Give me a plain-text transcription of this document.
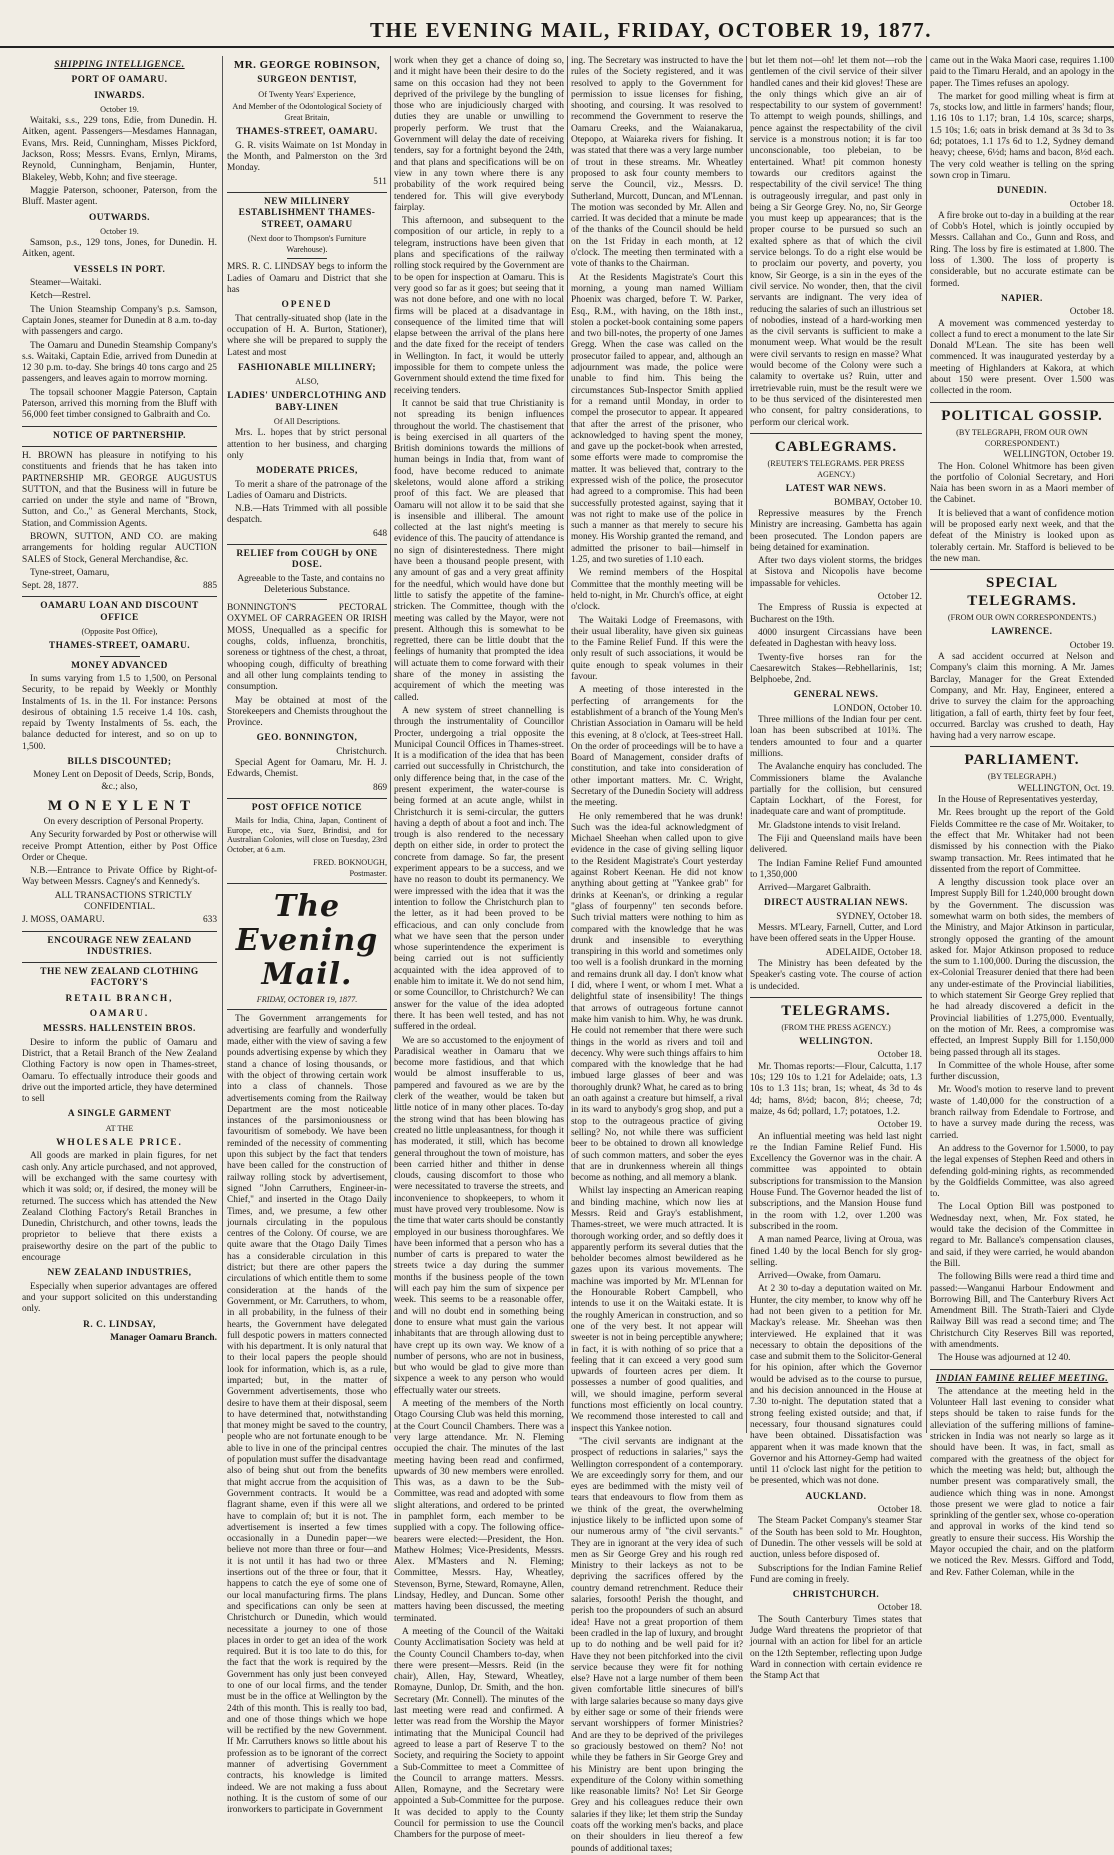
THE EVENING MAIL, FRIDAY, OCTOBER 19, 1877.
SHIPPING INTELLIGENCE.
PORT OF OAMARU.
INWARDS.
October 19.

Waitaki, s.s., 229 tons, Edie, from Dunedin. H. Aitken, agent. Passengers—Mesdames Hannagan, Evans, Mrs. Reid, Cunningham, Misses Pickford, Jackson, Ross; Messrs. Evans, Ernlyn, Mirams, Reynold, Cunningham, Benjamin, Hunter, Blakeley, Webb, Kohn; and five steerage.

Maggie Paterson, schooner, Paterson, from the Bluff. Master agent.

OUTWARDS.
October 19.

Samson, p.s., 129 tons, Jones, for Dunedin. H. Aitken, agent.

VESSELS IN PORT.

Steamer—Waitaki.

Ketch—Restrel.

The Union Steamship Company's p.s. Samson, Captain Jones, steamer for Dunedin at 8 a.m. to-day with passengers and cargo.

The Oamaru and Dunedin Steamship Company's s.s. Waitaki, Captain Edie, arrived from Dunedin at 12 30 p.m. to-day. She brings 40 tons cargo and 25 passengers, and leaves again to morrow morning.

The topsail schooner Maggie Paterson, Captain Paterson, arrived this morning from the Bluff with 56,000 feet timber consigned to Galbraith and Co.

NOTICE OF PARTNERSHIP.

H. BROWN has pleasure in notifying to his constituents and friends that he has taken into PARTNERSHIP MR. GEORGE AUGUSTUS SUTTON, and that the Business will in future be carried on under the style and name of "Brown, Sutton, and Co.," as General Merchants, Stock, Station, and Commission Agents.

BROWN, SUTTON, AND CO. are making arrangements for holding regular AUCTION SALES of Stock, General Merchandise, &c.

Tyne-street, Oamaru,

Sept. 28, 1877.	885
OAMARU LOAN AND DISCOUNT OFFICE
(Opposite Post Office),
THAMES-STREET, OAMARU.
MONEY ADVANCED

In sums varying from 1.5 to 1,500, on Personal Security, to be repaid by Weekly or Monthly Instalments of 1s. in the 1l. For instance: Persons desirous of obtaining 1.5 receive 1.4 10s. cash, repaid by Twenty Instalments of 5s. each, the balance deducted for interest, and so on up to 1,500.

BILLS DISCOUNTED;

Money Lent on Deposit of Deeds, Scrip, Bonds, &c.; also,

M O N E Y L E N T

On every description of Personal Property.

Any Security forwarded by Post or otherwise will receive Prompt Attention, either by Post Office Order or Cheque.

N.B.—Entrance to Private Office by Right-of-Way between Messrs. Cagney's and Kennedy's.

ALL TRANSACTIONS STRICTLY CONFIDENTIAL.

J. MOSS, OAMARU.	633
ENCOURAGE NEW ZEALAND INDUSTRIES.
THE NEW ZEALAND CLOTHING FACTORY'S
RETAIL BRANCH,
OAMARU.
MESSRS. HALLENSTEIN BROS.

Desire to inform the public of Oamaru and District, that a Retail Branch of the New Zealand Clothing Factory is now open in Thames-street, Oamaru. To effectually introduce their goods and drive out the imported article, they have determined to sell

A SINGLE GARMENT
AT THE
WHOLESALE PRICE.

All goods are marked in plain figures, for net cash only. Any article purchased, and not approved, will be exchanged with the same courtesy with which it was sold; or, if desired, the money will be returned. The success which has attended the New Zealand Clothing Factory's Retail Branches in Dunedin, Christchurch, and other towns, leads the proprietor to believe that there exists a praiseworthy desire on the part of the public to encourage

NEW ZEALAND INDUSTRIES,

Especially when superior advantages are offered and your support solicited on this understanding only.

R. C. LINDSAY,
Manager Oamaru Branch.
MR. GEORGE ROBINSON,
SURGEON DENTIST,
Of Twenty Years' Experience,
And Member of the Odontological Society of Great Britain,
THAMES-STREET, OAMARU.

G. R. visits Waimate on 1st Monday in the Month, and Palmerston on the 3rd Monday.

511
NEW MILLINERY ESTABLISHMENT THAMES-STREET, OAMARU
(Next door to Thompson's Furniture Warehouse).

MRS. R. C. LINDSAY begs to inform the Ladies of Oamaru and District that she has

OPENED

That centrally-situated shop (late in the occupation of H. A. Burton, Stationer), where she will be prepared to supply the Latest and most

FASHIONABLE MILLINERY;
ALSO,
LADIES' UNDERCLOTHING AND BABY-LINEN
Of All Descriptions.

Mrs. L. hopes that by strict personal attention to her business, and charging only

MODERATE PRICES,

To merit a share of the patronage of the Ladies of Oamaru and Districts.

N.B.—Hats Trimmed with all possible despatch.

648
RELIEF from COUGH by ONE DOSE.

Agreeable to the Taste, and contains no Deleterious Substance.

BONNINGTON'S PECTORAL OXYMEL OF CARRAGEEN OR IRISH MOSS, Unequalled as a specific for coughs, colds, influenza, bronchitis, soreness or tightness of the chest, a throat, whooping cough, difficulty of breathing and all other lung complaints tending to consumption.

May be obtained at most of the Storekeepers and Chemists throughout the Province.

GEO. BONNINGTON,
Christchurch.

Special Agent for Oamaru, Mr. H. J. Edwards, Chemist.

869
POST OFFICE NOTICE

Mails for India, China, Japan, Continent of Europe, etc., via Suez, Brindisi, and for Australian Colonies, will close on Tuesday, 23rd October, at 6 a.m.

FRED. BOKNOUGH,
Postmaster.
The Evening Mail.
FRIDAY, OCTOBER 19, 1877.

The Government arrangements for advertising are fearfully and wonderfully made, either with the view of saving a few pounds advertising expense by which they stand a chance of losing thousands, or with the object of throwing certain work into a class of channels. Those advertisements coming from the Railway Department are the most noticeable instances of the parsimoniousness or favouritism of somebody. We have been reminded of the necessity of commenting upon this subject by the fact that tenders have been called for the construction of railway rolling stock by advertisement, signed "John Carruthers, Engineer-in-Chief," and inserted in the Otago Daily Times, and, we presume, a few other journals circulating in the populous centres of the Colony. Of course, we are quite aware that the Otago Daily Times has a considerable circulation in this district; but there are other papers the circulations of which entitle them to some consideration at the hands of the Government, or Mr. Carruthers, to whom, in all probability, in the fulness of their hearts, the Government have delegated full despotic powers in matters connected with his department. It is only natural that to their local papers the people should look for information, which is, as a rule, imparted; but, in the matter of Government advertisements, those who desire to have them at their disposal, seem to have determined that, notwithstanding that money might be saved to the country, people who are not fortunate enough to be able to live in one of the principal centres of population must suffer the disadvantage also of being shut out from the benefits that might accrue from the acquisition of Government contracts. It would be a flagrant shame, even if this were all we have to complain of; but it is not. The advertisement is inserted a few times occasionally in a Dunedin paper—we believe not more than three or four—and it is not until it has had two or three insertions out of the three or four, that it happens to catch the eye of some one of our local manufacturing firms. The plans and specifications can only be seen at Christchurch or Dunedin, which would necessitate a journey to one of those places in order to get an idea of the work required. But it is too late to do this, for the fact that the work is required by the Government has only just been conveyed to one of our local firms, and the tender must be in the office at Wellington by the 24th of this month. This is really too bad, and one of those things which we hope will be rectified by the new Government. If Mr. Carruthers knows so little about his profession as to be ignorant of the correct manner of advertising Government contracts, his knowledge is limited indeed. We are not making a fuss about nothing. It is the custom of some of our ironworkers to participate in Government

work when they get a chance of doing so, and it might have been their desire to do the same on this occasion had they not been deprived of the privilege by the bungling of those who are injudiciously charged with duties they are unable or unwilling to properly perform. We trust that the Government will delay the date of receiving tenders, say for a fortnight beyond the 24th, and that plans and specifications will be on view in any town where there is any probability of the work required being tendered for. This will give everybody fairplay.

This afternoon, and subsequent to the composition of our article, in reply to a telegram, instructions have been given that plans and specifications of the railway rolling stock required by the Government are to be open for inspection at Oamaru. This is very good so far as it goes; but seeing that it was not done before, and one with no local firms will be placed at a disadvantage in consequence of the limited time that will elapse between the arrival of the plans here and the date fixed for the receipt of tenders in Wellington. In fact, it would be utterly impossible for them to compete unless the Government should extend the time fixed for receiving tenders.

It cannot be said that true Christianity is not spreading its benign influences throughout the world. The chastisement that is being exercised in all quarters of the British dominions towards the millions of human beings in India that, from want of food, have become reduced to animate skeletons, would alone afford a striking proof of this fact. We are pleased that Oamaru will not allow it to be said that she is insensible and illiberal. The amount collected at the last night's meeting is evidence of this. The paucity of attendance is no sign of disinterestedness. There might have been a thousand people present, with any amount of gas and a very great affinity for the needful, which would have done but little to satisfy the appetite of the famine-stricken. The Committee, though with the meeting was called by the Mayor, were not present. Although this is somewhat to be regretted, there can be little doubt that the feelings of humanity that prompted the idea will actuate them to come forward with their share of the money in assisting the acquirement of which the meeting was called.

A new system of street channelling is through the instrumentality of Councillor Procter, undergoing a trial opposite the Municipal Council Offices in Thames-street. It is a modification of the idea that has been carried out successfully in Christchurch, the only difference being that, in the case of the present experiment, the water-course is being formed at an acute angle, whilst in Christchurch it is semi-circular, the gutters having a depth of about a foot and inch. The trough is also rendered to the necessary depth on either side, in order to protect the concrete from damage. So far, the present experiment appears to be a success, and we have no reason to doubt its permanency. We were impressed with the idea that it was the intention to follow the Christchurch plan to the letter, as it had been proved to be efficacious, and can only conclude from what we have seen that the person under whose superintendence the experiment is being carried out is not sufficiently acquainted with the idea approved of to enable him to imitate it. We do not send him, or some Councillor, to Christchurch? We can answer for the value of the idea adopted there. It has been well tested, and has not suffered in the ordeal.

We are so accustomed to the enjoyment of Paradisical weather in Oamaru that we become more fastidious, and that which would be almost insufferable to us, pampered and favoured as we are by the clerk of the weather, would be taken but little notice of in many other places. To-day the strong wind that has been blowing has created no little unpleasantness, for though it has moderated, it still, which has become general throughout the town of moisture, has been carried hither and thither in dense clouds, causing discomfort to those who were necessitated to traverse the streets, and inconvenience to shopkeepers, to whom it must have proved very troublesome. Now is the time that water carts should be constantly employed in our business thoroughfares. We have been informed that a person who has a number of carts is prepared to water the streets twice a day during the summer months if the business people of the town will each pay him the sum of sixpence per week. This seems to be a reasonable offer, and will no doubt end in something being done to ensure what must gain the various inhabitants that are through allowing dust to have crept up its own way. We know of a number of persons, who are not in business, but who would be glad to give more than sixpence a week to any person who would effectually water our streets.

A meeting of the members of the North Otago Coursing Club was held this morning, at the Court Council Chambers. There was a very large attendance. Mr. N. Fleming occupied the chair. The minutes of the last meeting having been read and confirmed, upwards of 30 new members were enrolled. This was, as a dawn to be the Sub-Committee, was read and adopted with some slight alterations, and ordered to be printed in pamphlet form, each member to be supplied with a copy. The following office-bearers were elected:—President, the Hon. Mathew Holmes; Vice-Presidents, Messrs. Alex. M'Masters and N. Fleming; Committee, Messrs. Hay, Wheatley, Stevenson, Byrne, Steward, Romayne, Allen, Lindsay, Hedley, and Duncan. Some other matters having been discussed, the meeting terminated.

A meeting of the Council of the Waitaki County Acclimatisation Society was held at the County Council Chambers to-day, when there were present—Messrs. Reid (in the chair), Allen, Hay, Steward, Wheatley, Romayne, Dunlop, Dr. Smith, and the hon. Secretary (Mr. Connell). The minutes of the last meeting were read and confirmed. A letter was read from the Worship the Mayor intimating that the Municipal Council had agreed to lease a part of Reserve T to the Society, and requiring the Society to appoint a Sub-Committee to meet a Committee of the Council to arrange matters. Messrs. Allen, Romayne, and the Secretary were appointed a Sub-Committee for the purpose. It was decided to apply to the County Council for permission to use the Council Chambers for the purpose of meet-

ing. The Secretary was instructed to have the rules of the Society registered, and it was resolved to apply to the Government for permission to issue licenses for fishing, shooting, and coursing. It was resolved to recommend the Government to reserve the Oamaru Creeks, and the Waianakarua, Otepopo, at Waiareka rivers for fishing. It was stated that there was a very large number of trout in these streams. Mr. Wheatley proposed to ask four county members to serve the Council, viz., Messrs. D. Sutherland, Murcott, Duncan, and M'Lennan. The motion was seconded by Mr. Allen and carried. It was decided that a minute be made of the thanks of the Council should be held on the 1st Friday in each month, at 12 o'clock. The meeting then terminated with a vote of thanks to the Chairman.

At the Residents Magistrate's Court this morning, a young man named William Phoenix was charged, before T. W. Parker, Esq., R.M., with having, on the 18th inst., stolen a pocket-book containing some papers and two bill-notes, the property of one James Gregg. When the case was called on the prosecutor failed to appear, and, although an adjournment was made, the police were unable to find him. This being the circumstances Sub-Inspector Smith applied for a remand until Monday, in order to compel the prosecutor to appear. It appeared that after the arrest of the prisoner, who acknowledged to having spent the money, and gave up the pocket-book when arrested, some efforts were made to compromise the matter. It was believed that, contrary to the expressed wish of the police, the prosecutor had agreed to a compromise. This had been successfully protested against, saying that it was not right to make use of the police in such a manner as that merely to secure his money. His Worship granted the remand, and admitted the prisoner to bail—himself in 1.25, and two sureties of 1.10 each.

We remind members of the Hospital Committee that the monthly meeting will be held to-night, in Mr. Church's office, at eight o'clock.

The Waitaki Lodge of Freemasons, with their usual liberality, have given six guineas to the Famine Relief Fund. If this were the only result of such associations, it would be quite enough to speak volumes in their favour.

A meeting of those interested in the perfecting of arrangements for the establishment of a branch of the Young Men's Christian Association in Oamaru will be held this evening, at 8 o'clock, at Tees-street Hall. On the order of proceedings will be to have a Board of Management, consider drafts of constitution, and take into consideration of other important matters. Mr. C. Wright, Secretary of the Dunedin Society will address the meeting.

He only remembered that he was drunk! Such was the idea-ful acknowledgment of Michael Sheehan when called upon to give evidence in the case of giving selling liquor to the Resident Magistrate's Court yesterday against Robert Keenan. He did not know anything about getting at "Yankee grab" for drinks at Keenan's, or drinking a regular "glass of fourpenny" ten seconds before. Such trivial matters were nothing to him as compared with the knowledge that he was drunk and insensible to everything transpiring in this world and sometimes only too well is a foolish drunkard in the morning and remains drunk all day. I don't know what I did, where I went, or whom I met. What a delightful state of insensibility! The things that arrows of outrageous fortune cannot make him vanish to him. Why, he was drunk. He could not remember that there were such things in the world as rivers and toil and decency. Why were such things affairs to him compared with the knowledge that he had imbued large glasses of beer and was thoroughly drunk? What, he cared as to bring an oath against a creature but himself, a rival in its ward to anybody's grog shop, and put a stop to the outrageous practice of giving selling? No, not while there was sufficient beer to be obtained to drown all knowledge of such common matters, and sober the eyes that are in drunkenness wherein all things become as nothing, and all memory a blank.

Whilst lay inspecting an American reaping and binding machine, which now lies at Messrs. Reid and Gray's establishment, Thames-street, we were much attracted. It is thorough working order, and so deftly does it apparently perform its several duties that the beholder becomes almost bewildered as he gazes upon its various movements. The machine was imported by Mr. M'Lennan for the Honourable Robert Campbell, who intends to use it on the Waitaki estate. It is the roughly American in construction, and so one of the very best. It not appear will sweeter is not in being perceptible anywhere; in fact, it is with nothing of so price that a feeling that it can exceed a very good sum upwards of fourteen acres per diem. It possesses a number of good qualities, and will, we should imagine, perform several functions most efficiently on local country. We recommend those interested to call and inspect this Yankee notion.

"The civil servants are indignant at the prospect of reductions in salaries," says the Wellington correspondent of a contemporary. We are exceedingly sorry for them, and our eyes are bedimmed with the misty veil of tears that endeavours to flow from them as we think of the great, the overwhelming injustice likely to be inflicted upon some of our numerous army of "the civil servants." They are in ignorant at the very idea of such men as Sir George Grey and his rough red Ministry to their lackeys as not to be depriving the sacrifices offered by the country demand retrenchment. Reduce their salaries, forsooth! Perish the thought, and perish too the propounders of such an absurd idea! Have not a great proportion of them been cradled in the lap of luxury, and brought up to do nothing and be well paid for it? Have they not been pitchforked into the civil service because they were fit for nothing else? Have not a large number of them been given comfortable little sinecures of bill's with large salaries because so many days give by either sage or some of their friends were servant worshippers of former Ministries? And are they to be deprived of the privileges so graciously bestowed on them? No! not while they be fathers in Sir George Grey and his Ministry are bent upon bringing the expenditure of the Colony within something like reasonable limits? No! Let Sir George Grey and his colleagues reduce their own salaries if they like; let them strip the Sunday coats off the working men's backs, and place on their shoulders in lieu thereof a few pounds of additional taxes;

but let them not—oh! let them not—rob the gentlemen of the civil service of their silver handled canes and their kid gloves! These are the only things which give an air of respectability to our system of government! To attempt to weigh pounds, shillings, and pence against the respectability of the civil service is a monstrous notion; it is far too unconscionable, too plebeian, to be entertained. What! pit common honesty towards our creditors against the respectability of the civil service! The thing is outrageously irregular, and past only in being a Sir George Grey. No, no, Sir George you must keep up appearances; that is the proper course to be pursued so such an exalted sphere as that of which the civil service belongs. To do a right else would be to proclaim our poverty, and poverty, you know, Sir George, is a sin in the eyes of the civil service. No wonder, then, that the civil servants are indignant. The very idea of reducing the salaries of such an illustrious set of nobodies, instead of a hard-working men as the civil servants is sufficient to make a monument weep. What would be the result were civil servants to resign en masse? What would become of the Colony were such a calamity to overtake us? Ruin, utter and irretrievable ruin, must be the result were we to be thus serviced of the disinterested men who consent, for paltry considerations, to perform our clerical work.

CABLEGRAMS.
(REUTER'S TELEGRAMS. PER PRESS AGENCY.)
LATEST WAR NEWS.
BOMBAY, October 10.

Repressive measures by the French Ministry are increasing. Gambetta has again been prosecuted. The London papers are being detained for examination.

After two days violent storms, the bridges at Sistova and Nicopolis have become impassable for vehicles.

October 12.

The Empress of Russia is expected at Bucharest on the 19th.

4000 insurgent Circassians have been defeated in Daghestan with heavy loss.

Twenty-five horses ran for the Caesarewitch Stakes—Rebhellarinis, 1st; Belphoebe, 2nd.

GENERAL NEWS.
LONDON, October 10.

Three millions of the Indian four per cent. loan has been subscribed at 101¾. The tenders amounted to four and a quarter millions.

The Avalanche enquiry has concluded. The Commissioners blame the Avalanche partially for the collision, but censured Captain Lockhart, of the Forest, for inadequate care and want of promptitude.

Mr. Gladstone intends to visit Ireland.

The Fiji and Queensland mails have been delivered.

The Indian Famine Relief Fund amounted to 1,350,000

Arrived—Margaret Galbraith.

DIRECT AUSTRALIAN NEWS.
SYDNEY, October 18.

Messrs. M'Leary, Farnell, Cutter, and Lord have been offered seats in the Upper House.

ADELAIDE, October 18.

The Ministry has been defeated by the Speaker's casting vote. The course of action is undecided.

TELEGRAMS.
(FROM THE PRESS AGENCY.)
WELLINGTON.
October 18.

Mr. Thomas reports:—Flour, Calcutta, 1.17 10s; 129 10s to 1.21 for Adelaide; oats, 1.3 10s to 1.3 11s; bran, 1s; wheat, 4s 3d to 4s 4d; hams, 8½d; bacon, 8½; cheese, 7d; maize, 4s 6d; pollard, 1.7; potatoes, 1.2.

October 19.

An influential meeting was held last night re the Indian Famine Relief Fund. His Excellency the Governor was in the chair. A committee was appointed to obtain subscriptions for transmission to the Mansion House Fund. The Governor headed the list of subscriptions, and the Mansion House fund in the room with 1.2, over 1.200 was subscribed in the room.

A man named Pearce, living at Oroua, was fined 1.40 by the local Bench for sly grog-selling.

Arrived—Owake, from Oamaru.

At 2 30 to-day a deputation waited on Mr. Hunter, the city member, to know why off he had not been given to a petition for Mr. Mackay's release. Mr. Sheehan was then interviewed. He explained that it was necessary to obtain the depositions of the case and submit them to the Solicitor-General for his opinion, after which the Governor would be advised as to the course to pursue, and his decision announced in the House at 7.30 to-night. The deputation stated that a strong feeling existed outside; and that, if necessary, four thousand signatures could have been obtained. Dissatisfaction was apparent when it was made known that the Governor and his Attorney-Gemp had waited until 11 o'clock last night for the petition to be presented, which was not done.

AUCKLAND.
October 18.

The Steam Packet Company's steamer Star of the South has been sold to Mr. Houghton, of Dunedin. The other vessels will be sold at auction, unless before disposed of.

Subscriptions for the Indian Famine Relief Fund are coming in freely.

CHRISTCHURCH.
October 18.

The South Canterbury Times states that Judge Ward threatens the proprietor of that journal with an action for libel for an article on the 12th September, reflecting upon Judge Ward in connection with certain evidence re the Stamp Act that

came out in the Waka Maori case, requires 1.100 paid to the Timaru Herald, and an apology in the paper. The Times refuses an apology.

The market for good milling wheat is firm at 7s, stocks low, and little in farmers' hands; flour, 1.16 10s to 1.17; bran, 1.4 10s, scarce; sharps, 1.5 10s; 1.6; oats in brisk demand at 3s 3d to 3s 6d; potatoes, 1.1 17s 6d to 1.2, Sydney demand heavy; cheese, 6½d; hams and bacon, 8½d each. The very cold weather is telling on the spring sown crop in Timaru.

DUNEDIN.
October 18.

A fire broke out to-day in a building at the rear of Cobb's Hotel, which is jointly occupied by Messrs. Callahan and Co., Gunn and Ross, and Ring. The loss by fire is estimated at 1.800. The loss of 1.300. The loss of property is considerable, but no accurate estimate can be formed.

NAPIER.
October 18.

A movement was commenced yesterday to collect a fund to erect a monument to the late Sir Donald M'Lean. The site has been well commenced. It was inaugurated yesterday by a meeting of Highlanders at Kakora, at which about 150 were present. Over 1.500 was collected in the room.

POLITICAL GOSSIP.
(BY TELEGRAPH, FROM OUR OWN CORRESPONDENT.)
WELLINGTON, October 19.

The Hon. Colonel Whitmore has been given the portfolio of Colonial Secretary, and Hori Naia has been sworn in as a Maori member of the Cabinet.

It is believed that a want of confidence motion will be proposed early next week, and that the defeat of the Ministry is looked upon as tolerably certain. Mr. Stafford is believed to be the new man.

SPECIAL TELEGRAMS.
(FROM OUR OWN CORRESPONDENTS.)
LAWRENCE.
October 19.

A sad accident occurred at Nelson and Company's claim this morning. A Mr. James Barclay, Manager for the Great Extended Company, and Mr. Hay, Engineer, entered a drive to survey the claim for the approaching litigation, a fall of earth, thirty feet by four feet, occurred. Barclay was crushed to death, Hay having had a very narrow escape.

PARLIAMENT.
(BY TELEGRAPH.)
WELLINGTON, Oct. 19.

In the House of Representatives yesterday,

Mr. Rees brought up the report of the Gold Fields Committee re the case of Mr. Woitaker, to the effect that Mr. Whitaker had not been dismissed by his connection with the Piako swamp transaction. Mr. Rees intimated that he dissented from the report of Committee.

A lengthy discussion took place over an Imprest Supply Bill for 1.240,000 brought down by the Government. The discussion was somewhat warm on both sides, the members of the Ministry, and Major Atkinson in particular, strongly opposed the granting of the amount asked for. Major Atkinson proposed to reduce the sum to 1.100,000. During the discussion, the ex-Colonial Treasurer denied that there had been any under-estimate of the Provincial liabilities, to which statement Sir George Grey replied that he had already discovered a deficit in the Provincial liabilities of 1.275,000. Eventually, on the motion of Mr. Rees, a compromise was effected, an Imprest Supply Bill for 1.150,000 being passed through all its stages.

In Committee of the whole House, after some further discussion,

Mr. Wood's motion to reserve land to prevent waste of 1.40,000 for the construction of a branch railway from Edendale to Fortrose, and to have a survey made during the recess, was carried.

An address to the Governor for 1.5000, to pay the legal expenses of Stephen Reed and others in defending gold-mining rights, as recommended by the Goldfields Committee, was also agreed to.

The Local Option Bill was postponed to Wednesday next, when, Mr. Fox stated, he would take the decision of the Committee in regard to Mr. Ballance's compensation clauses, and said, if they were carried, he would abandon the Bill.

The following Bills were read a third time and passed:—Wanganui Harbour Endowment and Borrowing Bill, and The Canterbury Rivers Act Amendment Bill. The Strath-Taieri and Clyde Railway Bill was read a second time; and The Christchurch City Reserves Bill was reported, with amendments.

The House was adjourned at 12 40.

INDIAN FAMINE RELIEF MEETING.

The attendance at the meeting held in the Volunteer Hall last evening to consider what steps should be taken to raise funds for the alleviation of the suffering millions of famine-stricken in India was not nearly so large as it should have been. It was, in fact, small as compared with the greatness of the object for which the meeting was held; but, although the number present was comparatively small, the audience which thing was in none. Amongst those present we were glad to notice a fair sprinkling of the gentler sex, whose co-operation and approval in works of the kind tend so greatly to ensure their success. His Worship the Mayor occupied the chair, and on the platform we noticed the Rev. Messrs. Gifford and Todd, and Rev. Father Coleman, while in the
